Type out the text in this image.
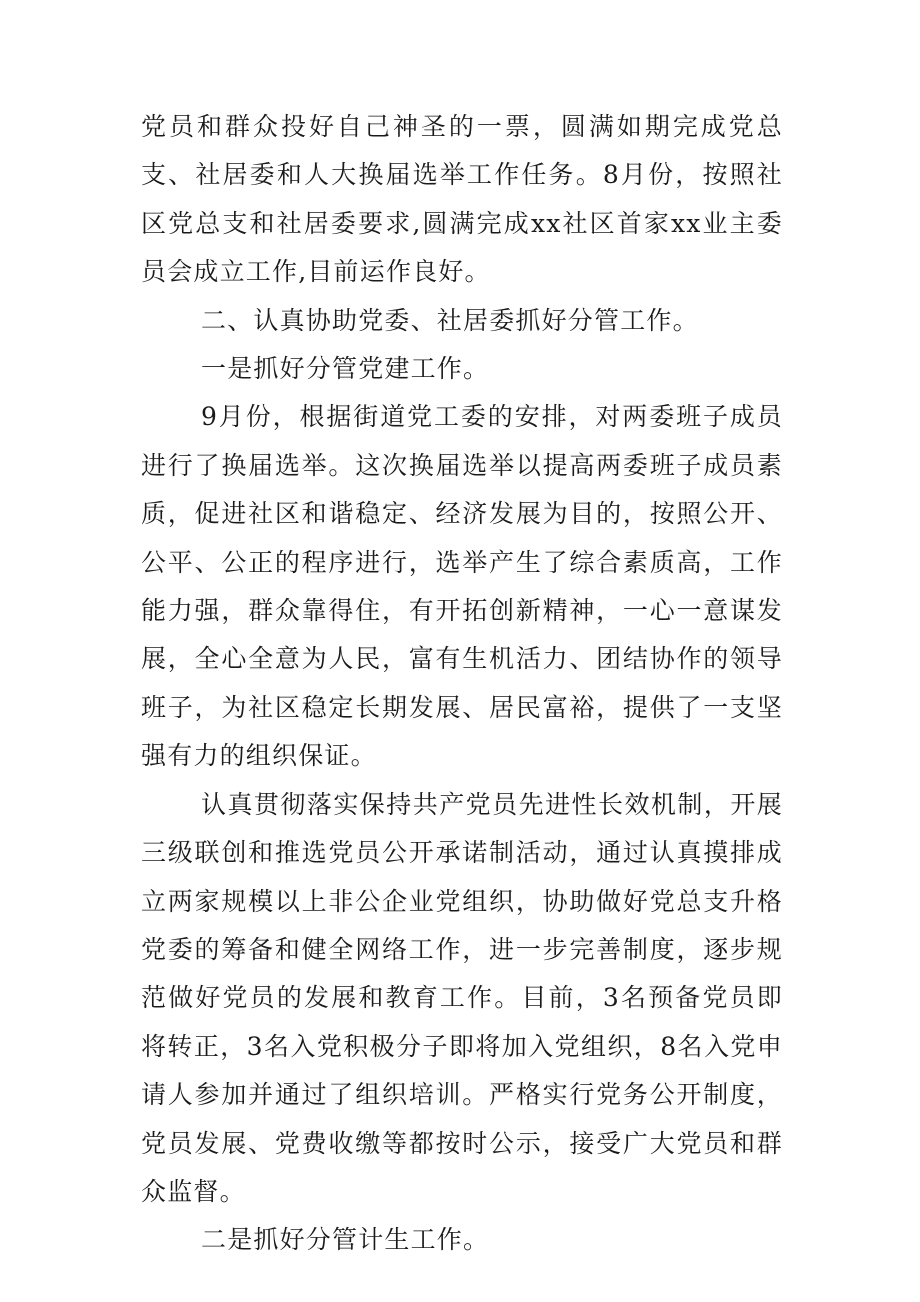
党员和群众投好自己神圣的一票，圆满如期完成党总支、社居委和人大换届选举工作任务。8月份，按照社区党总支和社居委要求,圆满完成xx社区首家xx业主委员会成立工作,目前运作良好。

二、认真协助党委、社居委抓好分管工作。

一是抓好分管党建工作。

9月份，根据街道党工委的安排，对两委班子成员进行了换届选举。这次换届选举以提高两委班子成员素质，促进社区和谐稳定、经济发展为目的，按照公开、公平、公正的程序进行，选举产生了综合素质高，工作能力强，群众靠得住，有开拓创新精神，一心一意谋发展，全心全意为人民，富有生机活力、团结协作的领导班子，为社区稳定长期发展、居民富裕，提供了一支坚强有力的组织保证。

认真贯彻落实保持共产党员先进性长效机制，开展三级联创和推选党员公开承诺制活动，通过认真摸排成立两家规模以上非公企业党组织，协助做好党总支升格党委的筹备和健全网络工作，进一步完善制度，逐步规范做好党员的发展和教育工作。目前，3名预备党员即将转正，3名入党积极分子即将加入党组织，8名入党申请人参加并通过了组织培训。严格实行党务公开制度，党员发展、党费收缴等都按时公示，接受广大党员和群众监督。

二是抓好分管计生工作。
